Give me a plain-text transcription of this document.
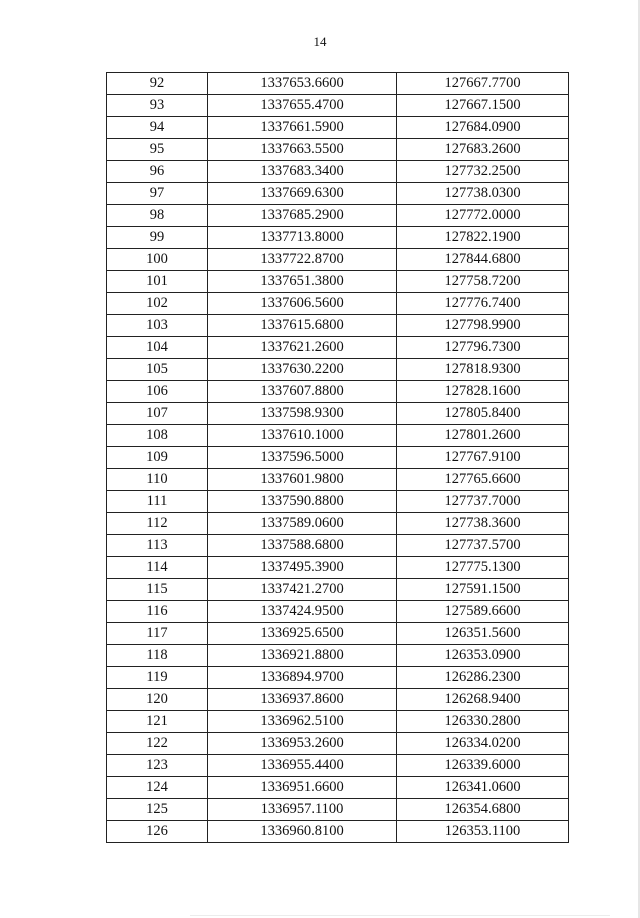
14
92	1337653.6600	127667.7700
93	1337655.4700	127667.1500
94	1337661.5900	127684.0900
95	1337663.5500	127683.2600
96	1337683.3400	127732.2500
97	1337669.6300	127738.0300
98	1337685.2900	127772.0000
99	1337713.8000	127822.1900
100	1337722.8700	127844.6800
101	1337651.3800	127758.7200
102	1337606.5600	127776.7400
103	1337615.6800	127798.9900
104	1337621.2600	127796.7300
105	1337630.2200	127818.9300
106	1337607.8800	127828.1600
107	1337598.9300	127805.8400
108	1337610.1000	127801.2600
109	1337596.5000	127767.9100
110	1337601.9800	127765.6600
111	1337590.8800	127737.7000
112	1337589.0600	127738.3600
113	1337588.6800	127737.5700
114	1337495.3900	127775.1300
115	1337421.2700	127591.1500
116	1337424.9500	127589.6600
117	1336925.6500	126351.5600
118	1336921.8800	126353.0900
119	1336894.9700	126286.2300
120	1336937.8600	126268.9400
121	1336962.5100	126330.2800
122	1336953.2600	126334.0200
123	1336955.4400	126339.6000
124	1336951.6600	126341.0600
125	1336957.1100	126354.6800
126	1336960.8100	126353.1100
